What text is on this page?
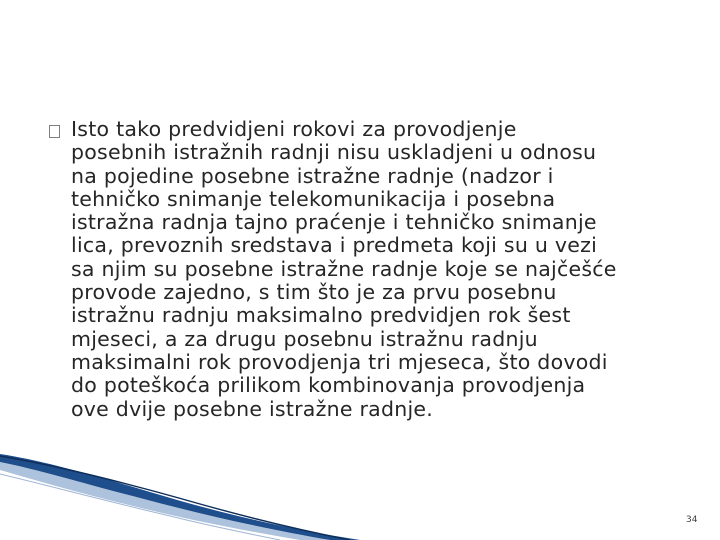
Isto tako predvidjeni rokovi za provodjenje
posebnih istražnih radnji nisu uskladjeni u odnosu
na pojedine posebne istražne radnje (nadzor i
tehničko snimanje telekomunikacija i posebna
istražna radnja tajno praćenje i tehničko snimanje
lica, prevoznih sredstava i predmeta koji su u vezi
sa njim su posebne istražne radnje koje se najčešće
provode zajedno, s tim što je za prvu posebnu
istražnu radnju maksimalno predvidjen rok šest
mjeseci, a za drugu posebnu istražnu radnju
maksimalni rok provodjenja tri mjeseca, što dovodi
do poteškoća prilikom kombinovanja provodjenja
ove dvije posebne istražne radnje.

34
